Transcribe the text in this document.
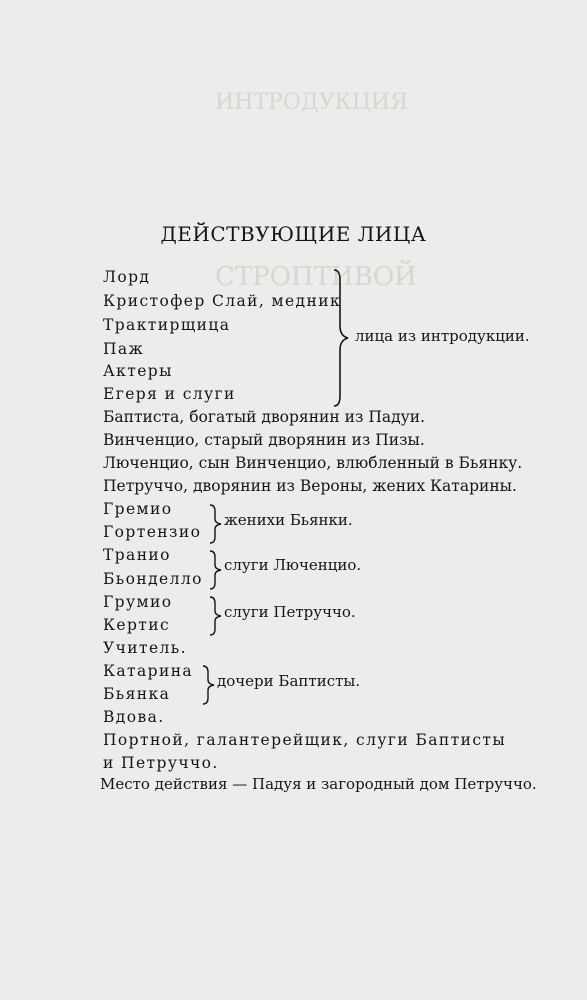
ИНТРОДУКЦИЯ
СТРОПТИВОЙ
ДЕЙСТВУЮЩИЕ ЛИЦА
Лорд
Кристофер Слай, медник
Трактирщица
Паж
Актеры
Егеря и слуги
Баптиста, богатый дворянин из Падуи.
Винченцио, старый дворянин из Пизы.
Люченцио, сын Винченцио, влюбленный в Бьянку.
Петруччо, дворянин из Вероны, жених Катарины.
Гремио
Гортензио
Транио
Бьонделло
Грумио
Кертис
Учитель.
Катарина
Бьянка
Вдова.
Портной, галантерейщик, слуги Баптисты
и Петруччо.
лица из интродукции.
женихи Бьянки.
слуги Люченцио.
слуги Петруччо.
дочери Баптисты.
Место действия — Падуя и загородный дом Петруччо.
